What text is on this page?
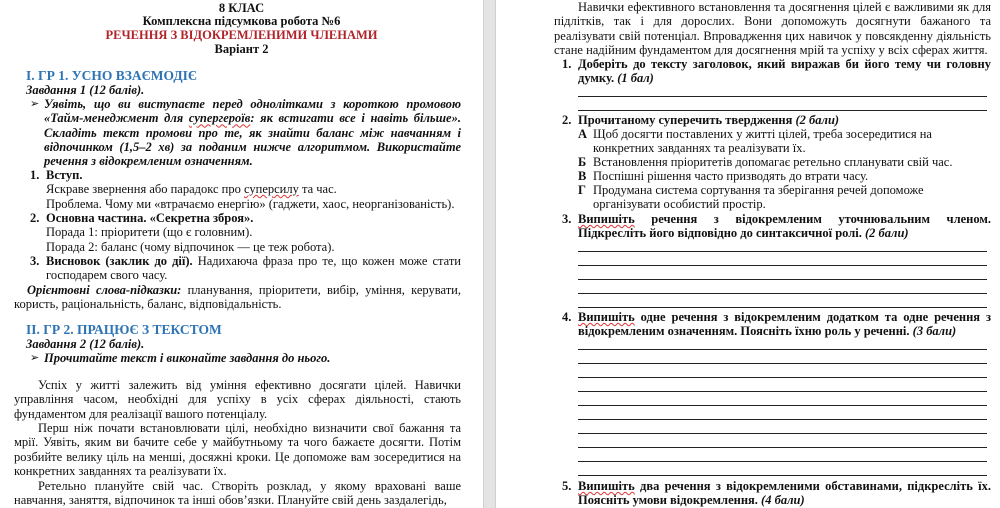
8 КЛАС
Комплексна підсумкова робота №6
РЕЧЕННЯ З ВІДОКРЕМЛЕНИМИ ЧЛЕНАМИ
Варіант 2
І. ГР 1. УСНО ВЗАЄМОДІЄ
Завдання 1 (12 балів).
➢ Уявіть, що ви виступаєте перед однолітками з короткою промовою «Тайм-менеджмент для супергероїв: як встигати все і навіть більше». Складіть текст промови про те, як знайти баланс між навчанням і відпочинком (1,5–2 хв) за поданим нижче алгоритмом. Використайте речення з відокремленим означенням.
1. Вступ.
Яскраве звернення або парадокс про суперсилу та час.
Проблема. Чому ми «втрачаємо енергію» (гаджети, хаос, неорганізованість).
2. Основна частина. «Секретна зброя».
Порада 1: пріоритети (що є головним).
Порада 2: баланс (чому відпочинок — це теж робота).
3. Висновок (заклик до дії). Надихаюча фраза про те, що кожен може стати господарем свого часу.
Орієнтовні слова-підказки: планування, пріоритети, вибір, уміння, керувати, користь, раціональність, баланс, відповідальність.
ІІ. ГР 2. ПРАЦЮЄ З ТЕКСТОМ
Завдання 2 (12 балів).
➢ Прочитайте текст і виконайте завдання до нього.
Успіх у житті залежить від уміння ефективно досягати цілей. Навички управління часом, необхідні для успіху в усіх сферах діяльності, стають фундаментом для реалізації вашого потенціалу.
Перш ніж почати встановлювати цілі, необхідно визначити свої бажання та мрії. Уявіть, яким ви бачите себе у майбутньому та чого бажаєте досягти. Потім розбийте велику ціль на менші, досяжні кроки. Це допоможе вам зосередитися на конкретних завданнях та реалізувати їх.
Ретельно плануйте свій час. Створіть розклад, у якому враховані ваше навчання, заняття, відпочинок та інші обов’язки. Плануйте свій день заздалегідь,
Навички ефективного встановлення та досягнення цілей є важливими як для підлітків, так і для дорослих. Вони допоможуть досягнути бажаного та реалізувати свій потенціал. Впровадження цих навичок у повсякденну діяльність стане надійним фундаментом для досягнення мрій та успіху у всіх сферах життя.
1. Доберіть до тексту заголовок, який виражав би його тему чи головну думку. (1 бал)
2. Прочитаному суперечить твердження (2 бали)
А Щоб досягти поставлених у житті цілей, треба зосередитися на конкретних завданнях та реалізувати їх.
Б Встановлення пріоритетів допомагає ретельно спланувати свій час.
В Поспішні рішення часто призводять до втрати часу.
Г Продумана система сортування та зберігання речей допоможе організувати особистий простір.
3. Випишіть речення з відокремленим уточнювальним членом. Підкресліть його відповідно до синтаксичної ролі. (2 бали)
4. Випишіть одне речення з відокремленим додатком та одне речення з відокремленим означенням. Поясніть їхню роль у реченні. (3 бали)
5. Випишіть два речення з відокремленими обставинами, підкресліть їх. Поясніть умови відокремлення. (4 бали)
